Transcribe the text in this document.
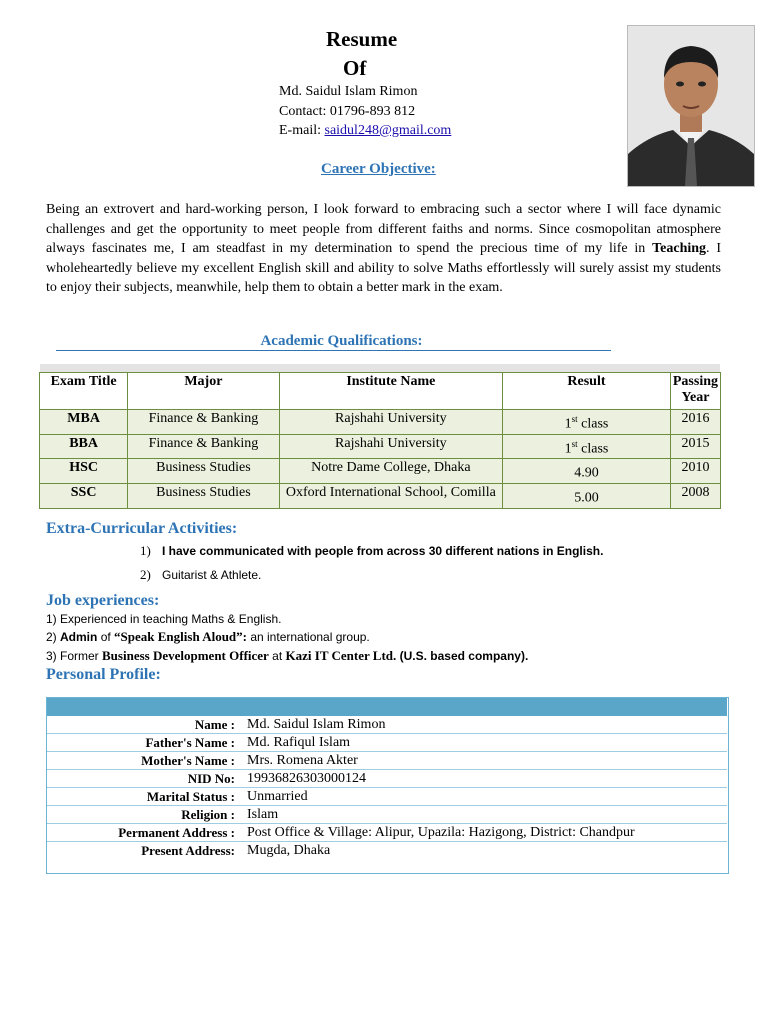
Resume
Of
Md. Saidul Islam Rimon
Contact: 01796-893 812
E-mail: saidul248@gmail.com
Career Objective:
Being an extrovert and hard-working person, I look forward to embracing such a sector where I will face dynamic challenges and get the opportunity to meet people from different faiths and norms. Since cosmopolitan atmosphere always fascinates me, I am steadfast in my determination to spend the precious time of my life in Teaching. I wholeheartedly believe my excellent English skill and ability to solve Maths effortlessly will surely assist my students to enjoy their subjects, meanwhile, help them to obtain a better mark in the exam.
Academic Qualifications:
Exam Title	Major	Institute Name	Result	Passing Year
MBA	Finance & Banking	Rajshahi University	1st class	2016
BBA	Finance & Banking	Rajshahi University	1st class	2015
HSC	Business Studies	Notre Dame College, Dhaka	4.90	2010
SSC	Business Studies	Oxford International School, Comilla	5.00	2008
Extra-Curricular Activities:
1) I have communicated with people from across 30 different nations in English.
2) Guitarist & Athlete.
Job experiences:
1) Experienced in teaching Maths & English.
2) Admin of “Speak English Aloud”: an international group.
3) Former Business Development Officer at Kazi IT Center Ltd. (U.S. based company).
Personal Profile:
Name :	Md. Saidul Islam Rimon
Father's Name :	Md. Rafiqul Islam
Mother's Name :	Mrs. Romena Akter
NID No:	19936826303000124
Marital Status :	Unmarried
Religion :	Islam
Permanent Address :	Post Office & Village: Alipur, Upazila: Hazigong, District: Chandpur
Present Address:	Mugda, Dhaka
